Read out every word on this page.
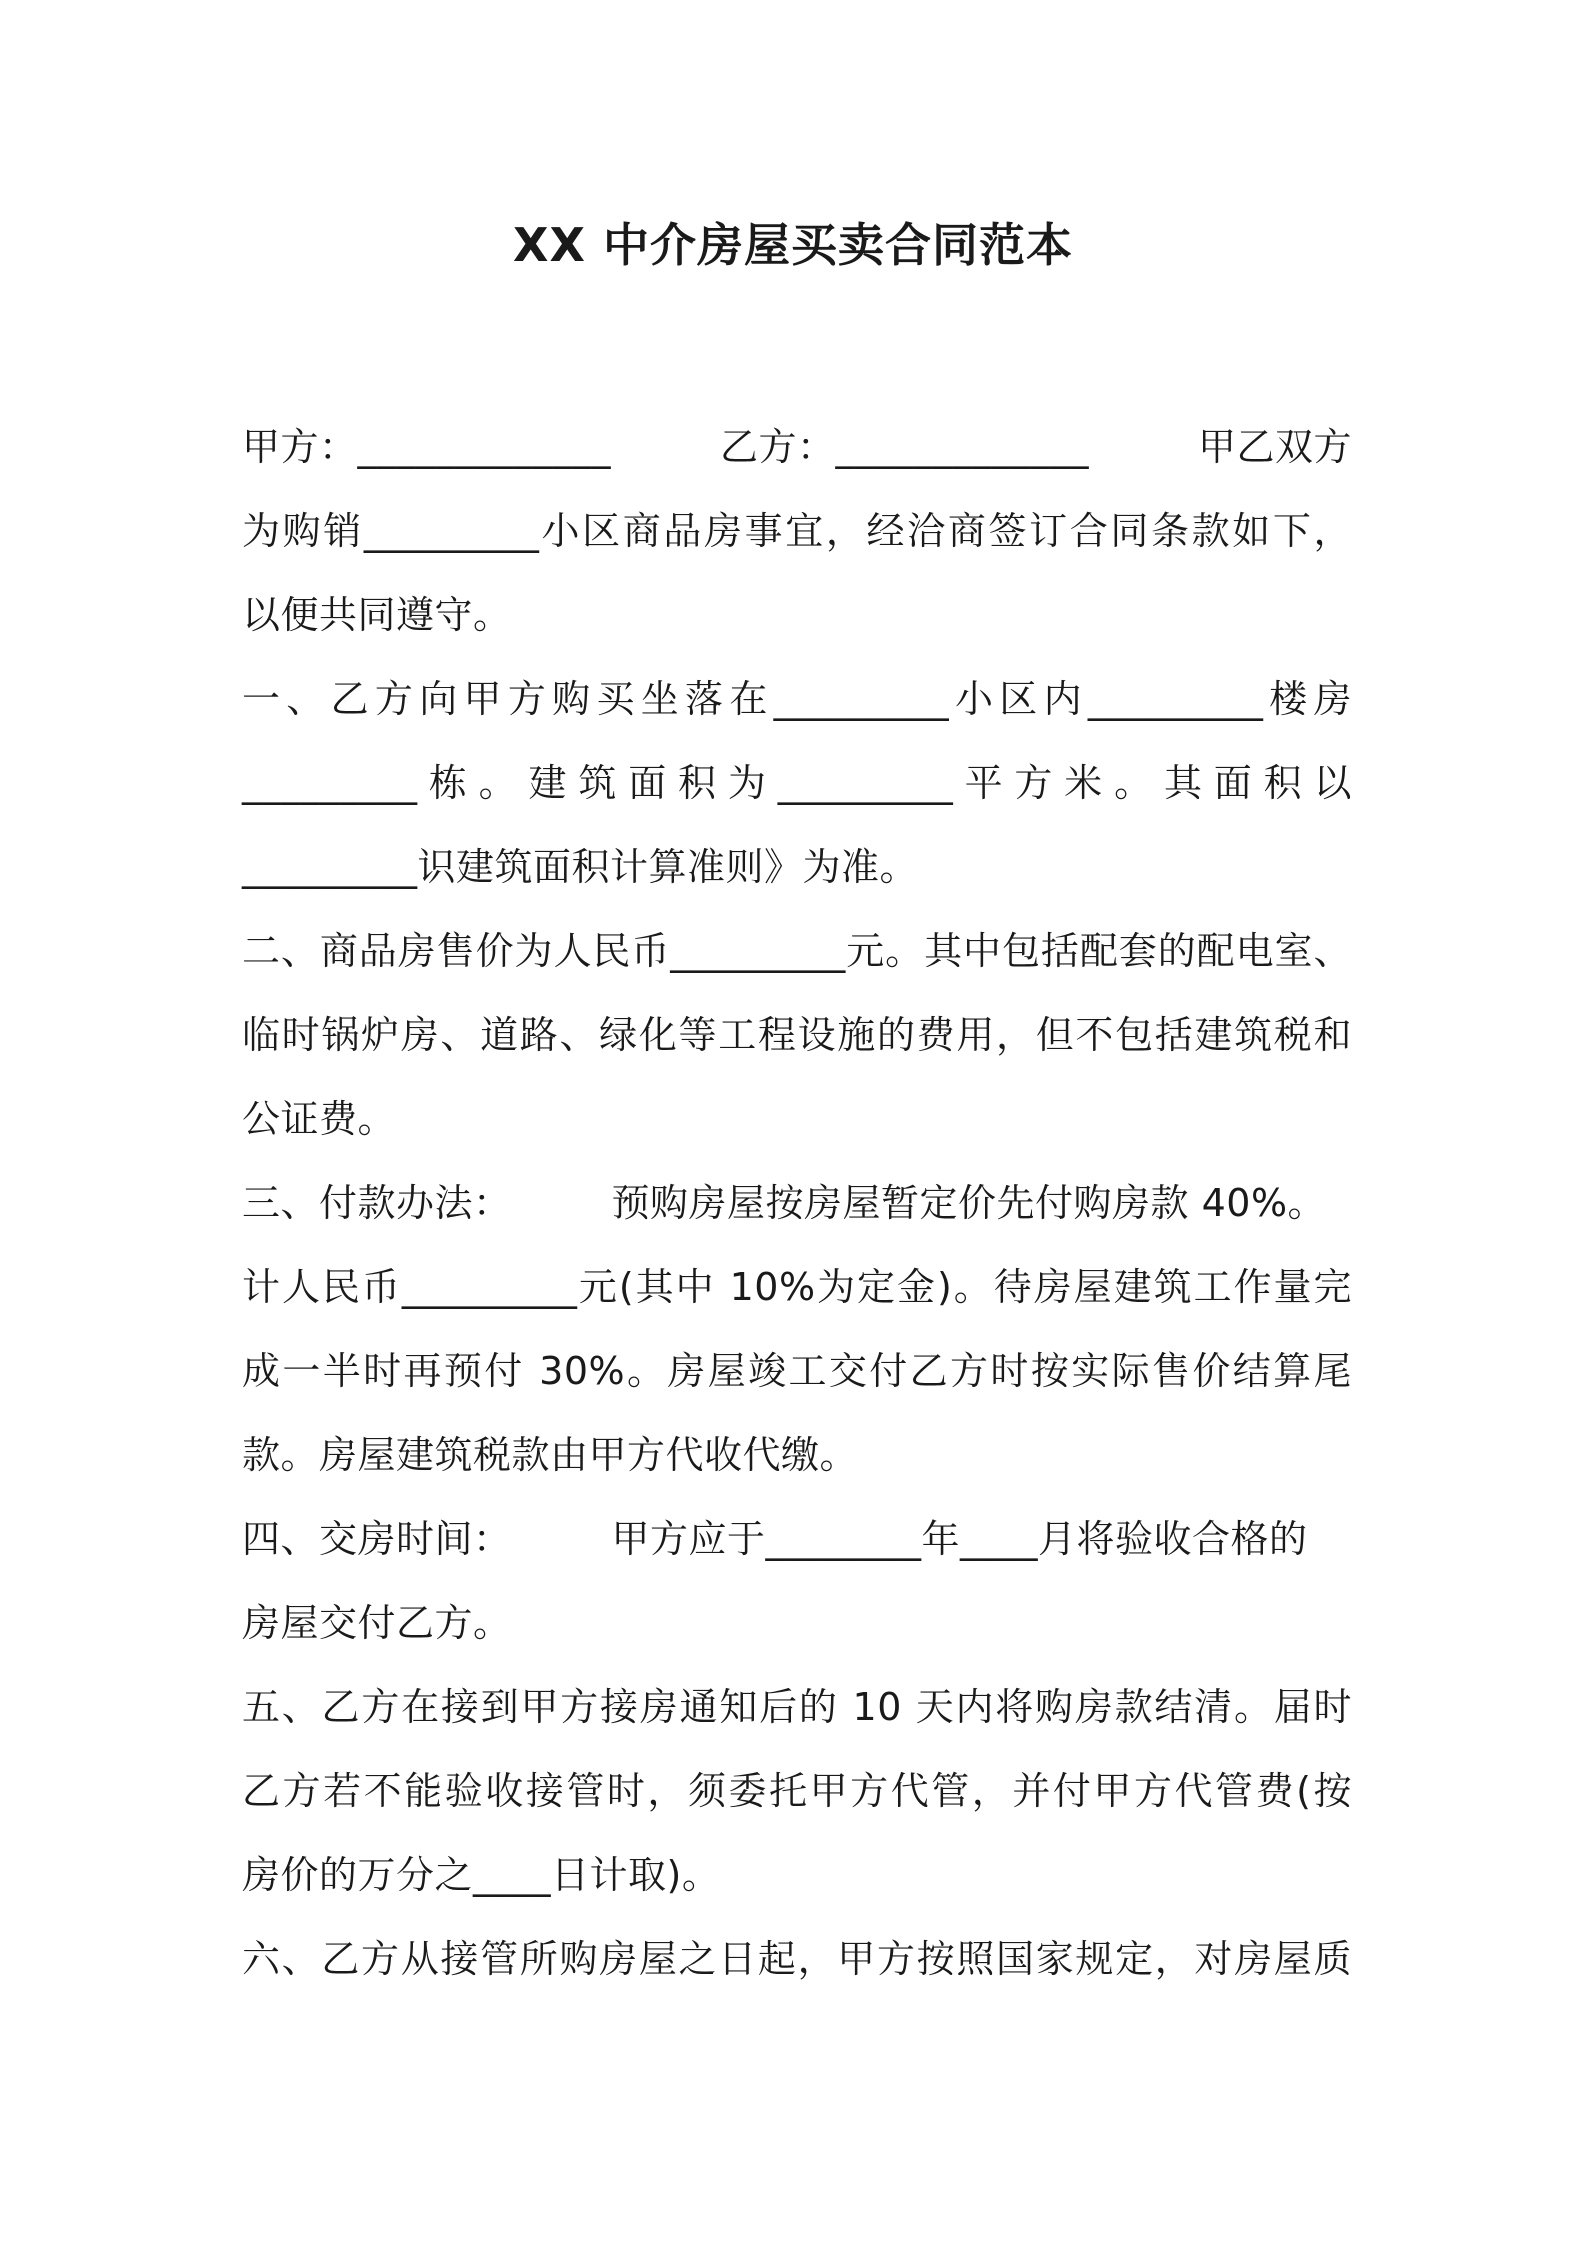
XX 中介房屋买卖合同范本
甲方：_____________	乙方：_____________	甲乙双方
为购销_________小区商品房事宜，经洽商签订合同条款如下，
以便共同遵守。
一、乙方向甲方购买坐落在_________小区内_________楼房
_________栋。建筑面积为_________平方米。其面积以
_________识建筑面积计算准则》为准。
二、商品房售价为人民币_________元。其中包括配套的配电室、
临时锅炉房、道路、绿化等工程设施的费用，但不包括建筑税和
公证费。
三、付款办法：	预购房屋按房屋暂定价先付购房款 40%。
计人民币_________元(其中 10%为定金)。待房屋建筑工作量完
成一半时再预付 30%。房屋竣工交付乙方时按实际售价结算尾
款。房屋建筑税款由甲方代收代缴。
四、交房时间：	甲方应于________年____月将验收合格的
房屋交付乙方。
五、乙方在接到甲方接房通知后的 10 天内将购房款结清。届时
乙方若不能验收接管时，须委托甲方代管，并付甲方代管费(按
房价的万分之____日计取)。
六、乙方从接管所购房屋之日起，甲方按照国家规定，对房屋质
